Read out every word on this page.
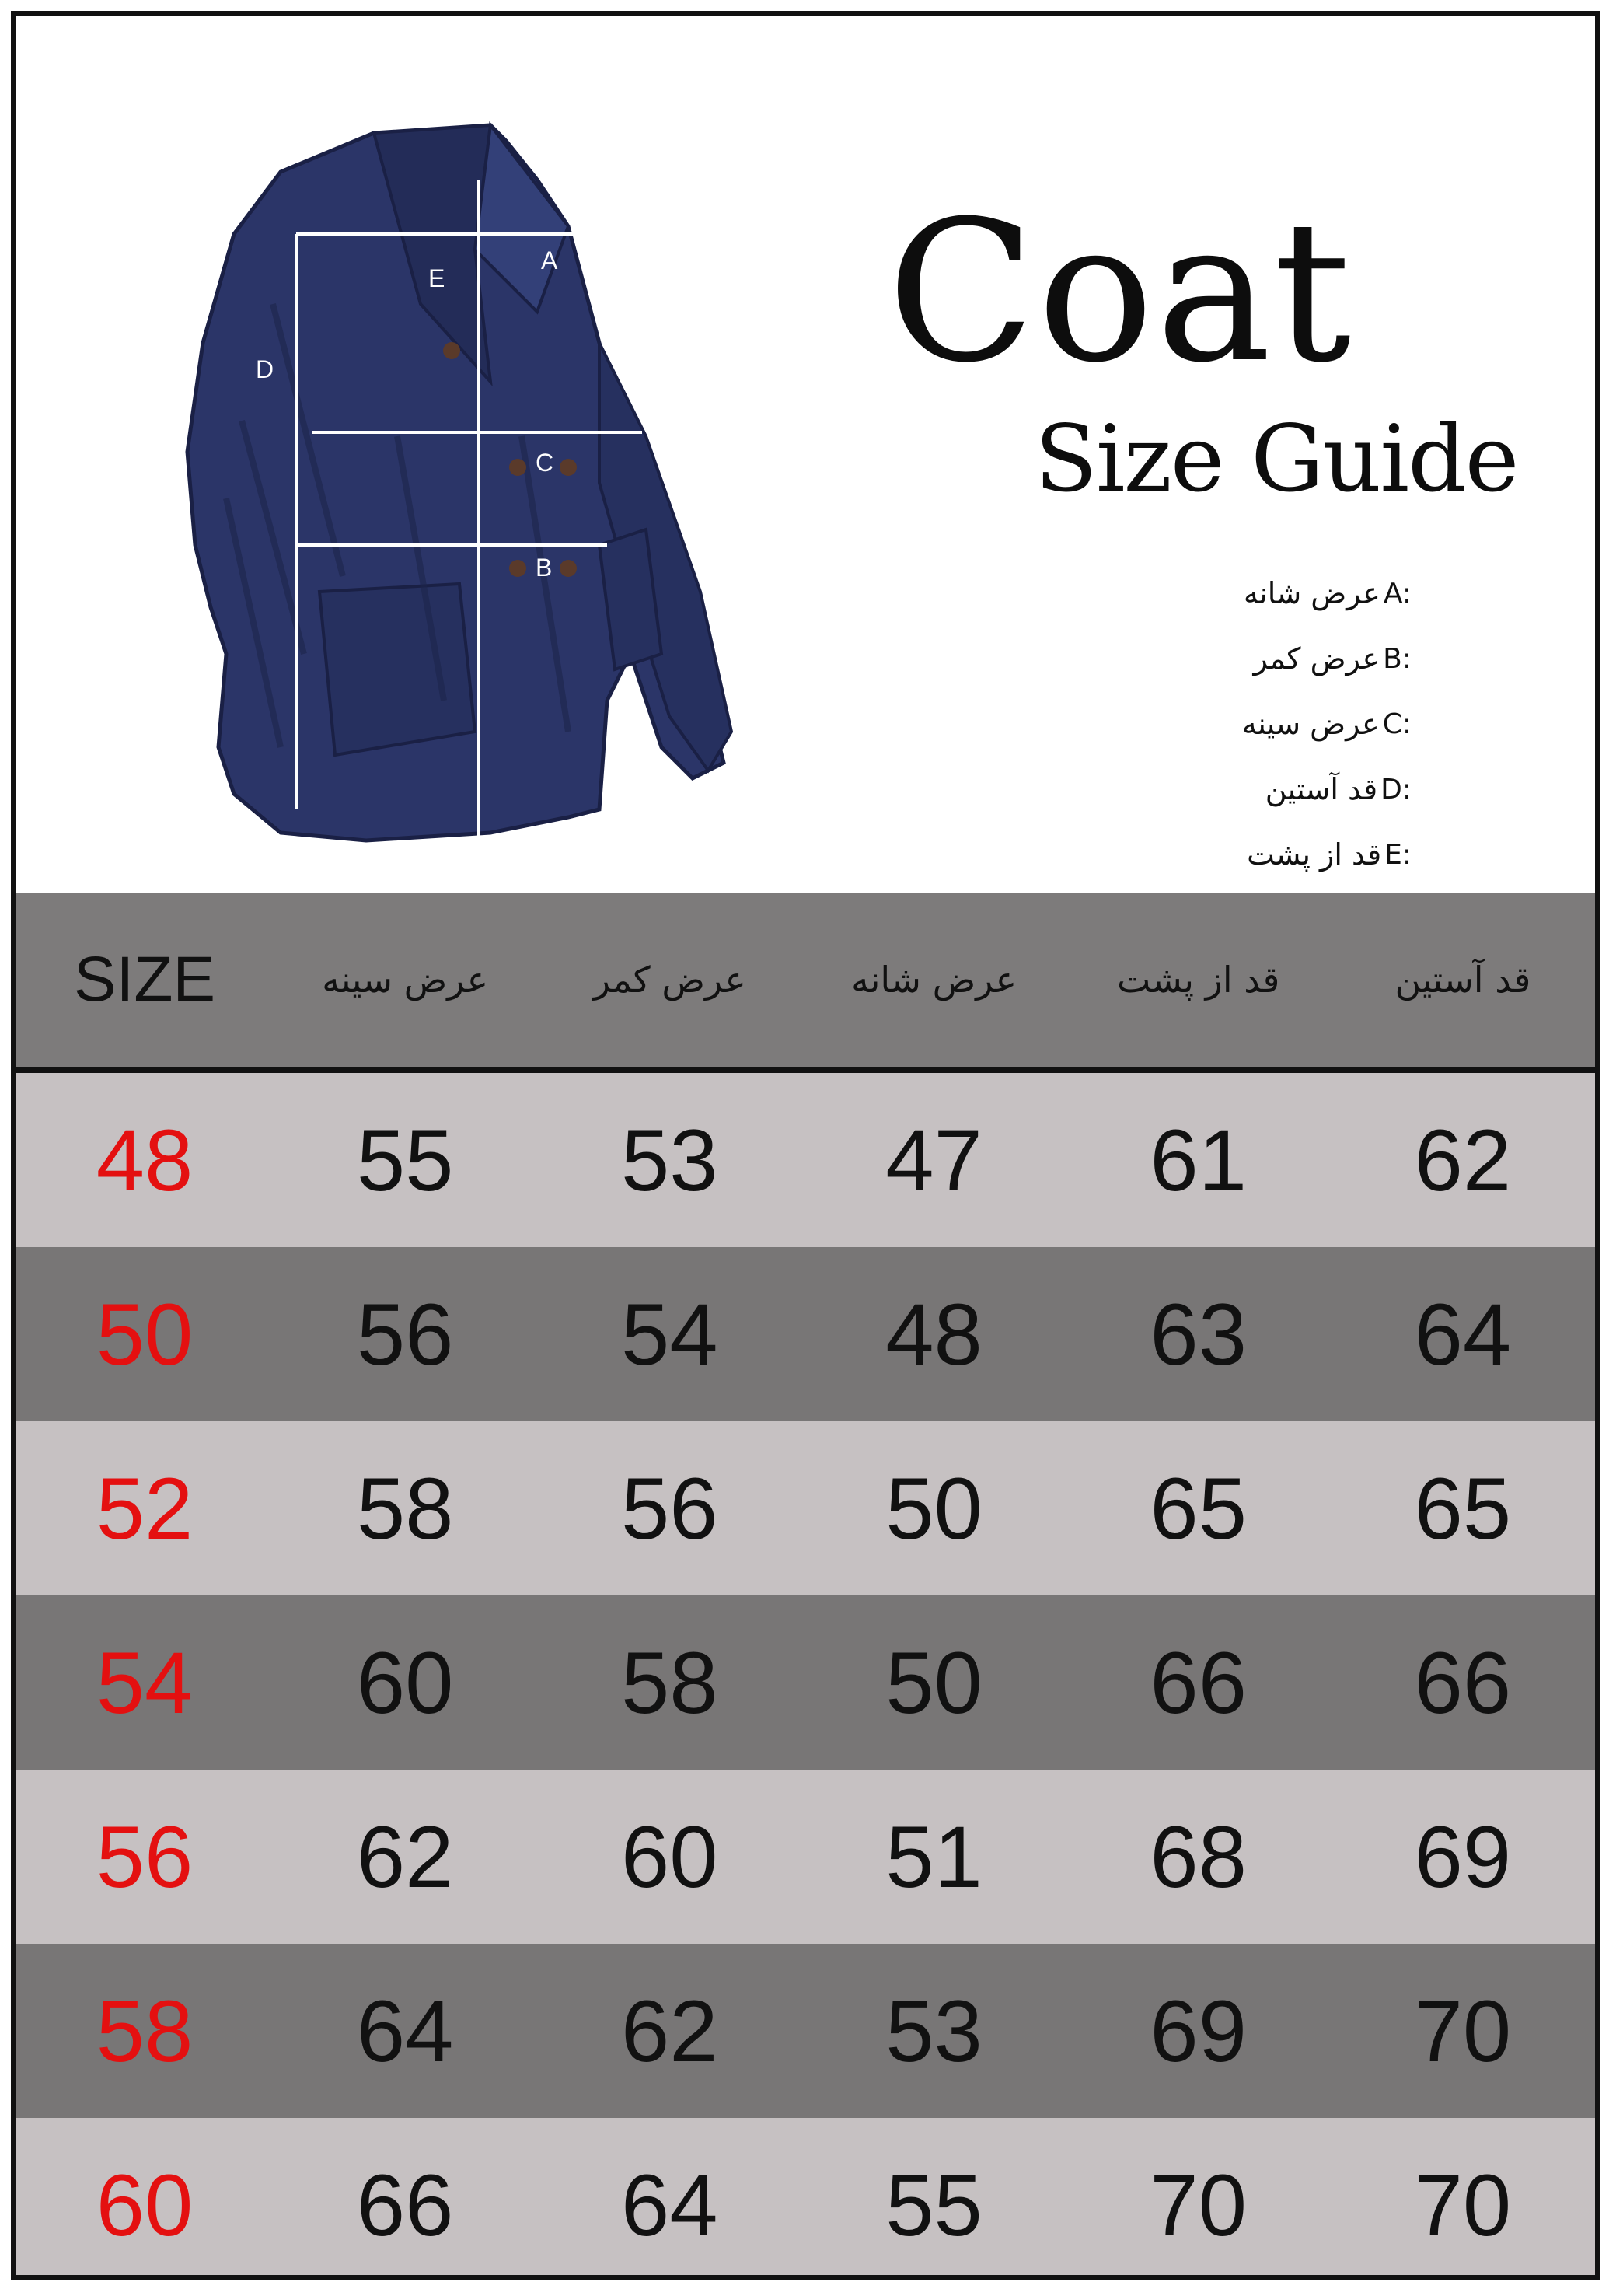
A
B
C
D
E Coat
Size Guide
عرض شانه A:
عرض کمر B:
عرض سینه C:
قد آستین D:
قد از پشت E:
SIZE	عرض سینه	عرض کمر	عرض شانه	قد از پشت	قد آستین
48	55	53	47	61	62
50	56	54	48	63	64
52	58	56	50	65	65
54	60	58	50	66	66
56	62	60	51	68	69
58	64	62	53	69	70
60	66	64	55	70	70
